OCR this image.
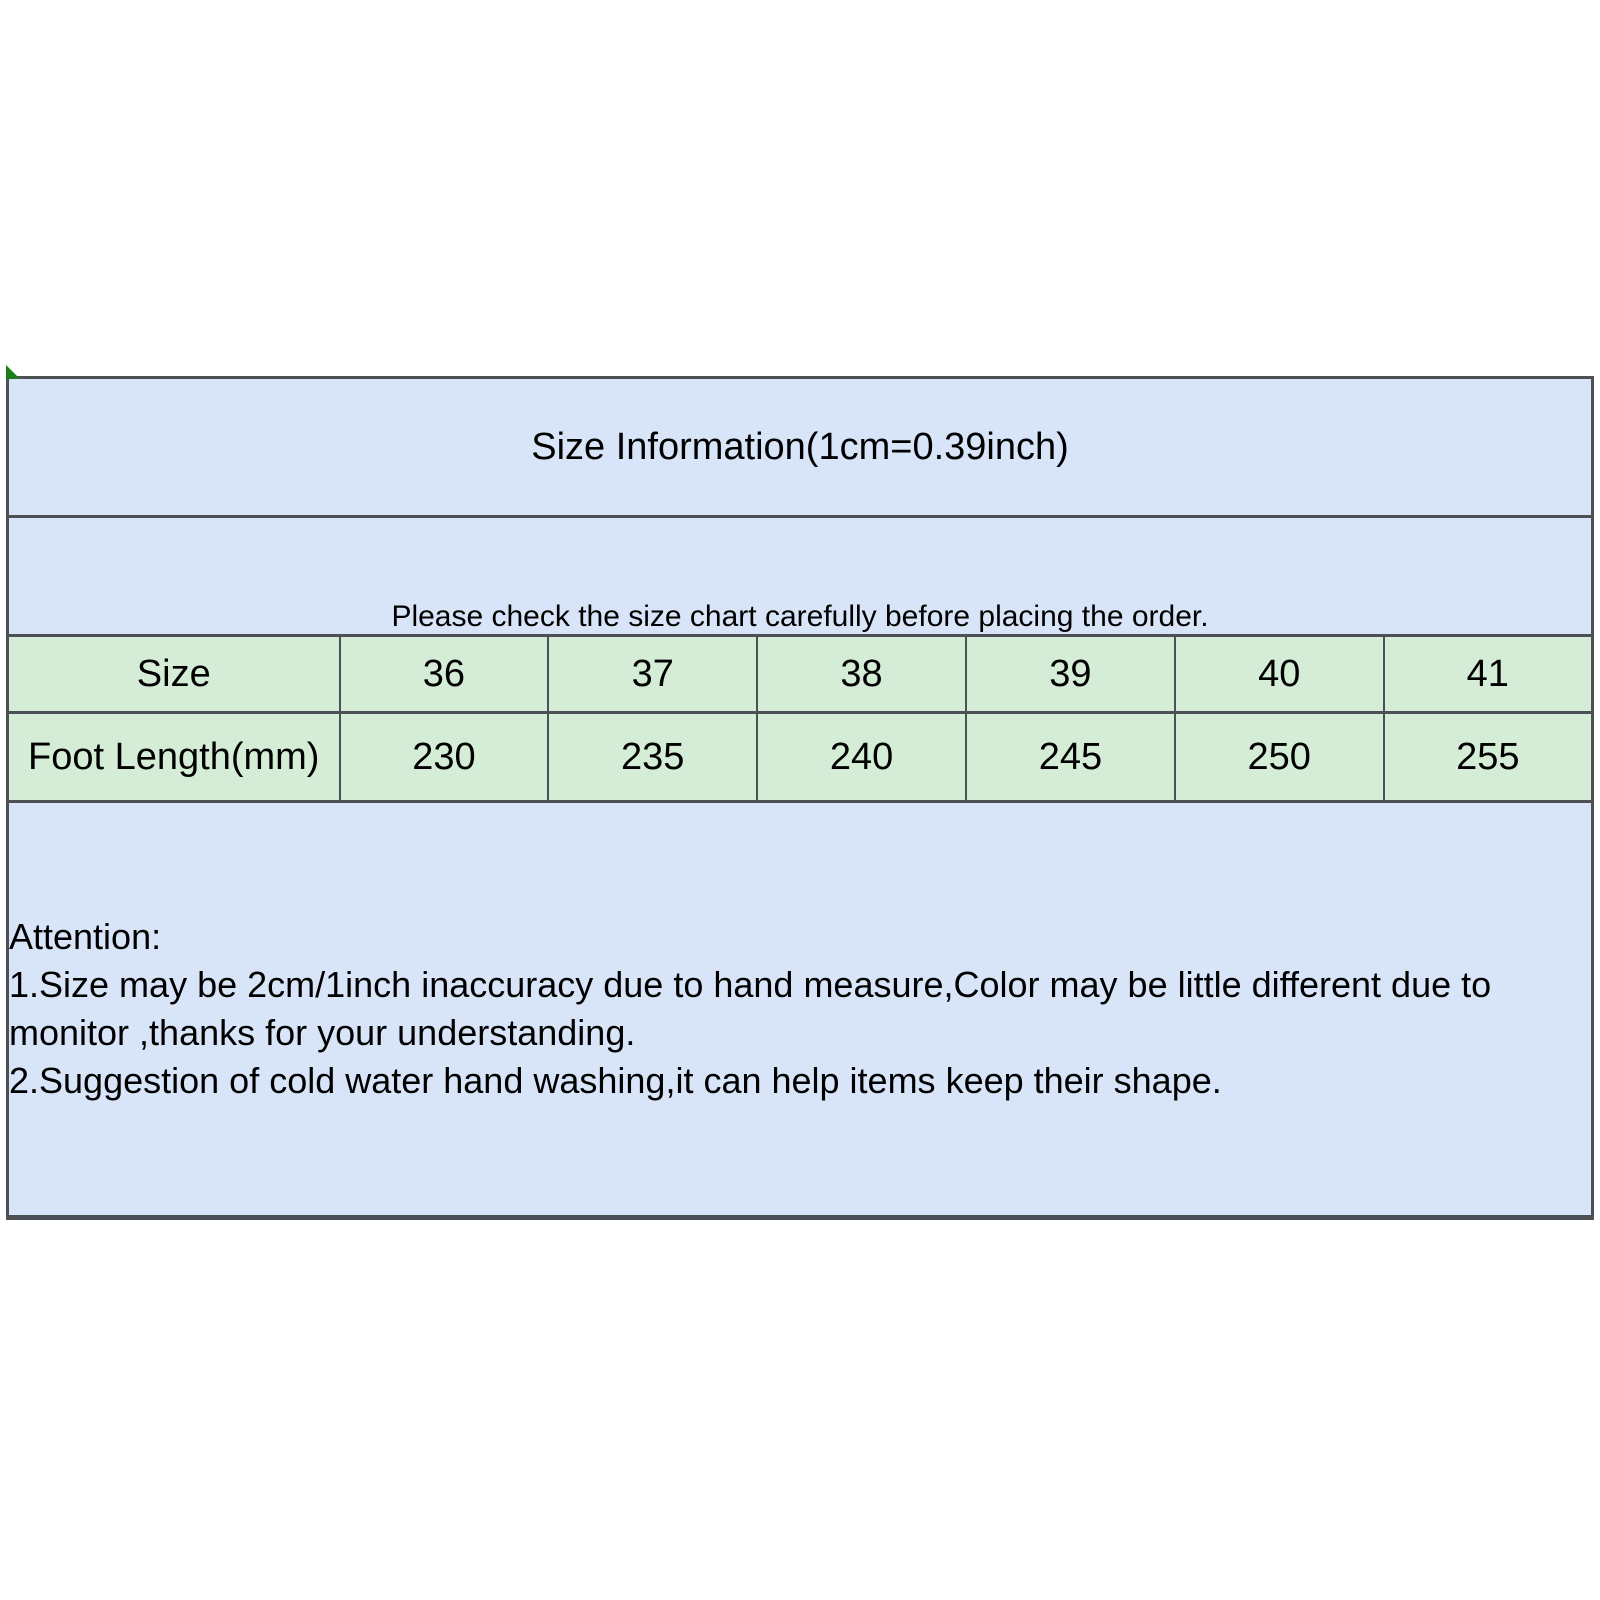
Size Information(1cm=0.39inch)						
Please check the size chart carefully before placing the order.						
Size	36	37	38	39	40	41
Foot Length(mm)	230	235	240	245	250	255

Attention:
1.Size may be 2cm/1inch inaccuracy due to hand measure,Color may be little different due to
monitor ,thanks for your understanding.
2.Suggestion of cold water hand washing,it can help items keep their shape.						
